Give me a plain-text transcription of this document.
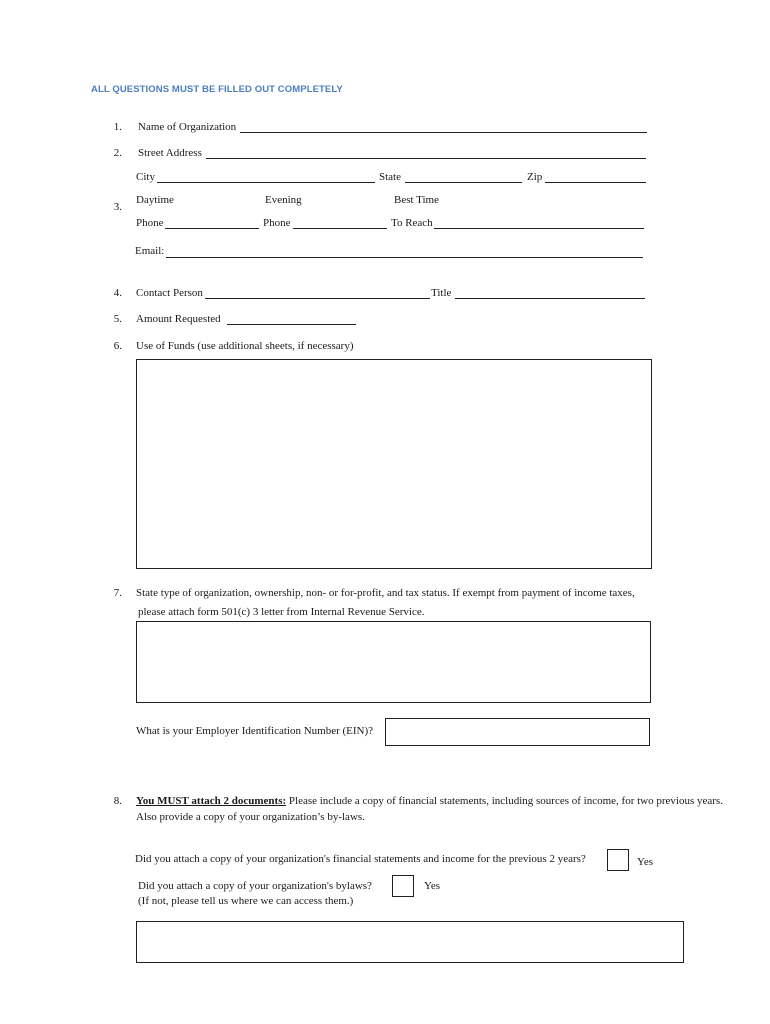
ALL QUESTIONS MUST BE FILLED OUT COMPLETELY
1. Name of Organization
2. Street Address
City	State	Zip
3.
Daytime	Evening	Best Time
Phone	Phone	To Reach
Email:
4. Contact Person	Title
5. Amount Requested
6. Use of Funds (use additional sheets, if necessary)
7. State type of organization, ownership, non- or for-profit, and tax status. If exempt from payment of income taxes,
please attach form 501(c) 3 letter from Internal Revenue Service.
What is your Employer Identification Number (EIN)?
8. You MUST attach 2 documents: Please include a copy of financial statements, including sources of income, for two previous years.
Also provide a copy of your organization’s by-laws.
Did you attach a copy of your organization's financial statements and income for the previous 2 years?	Yes
Did you attach a copy of your organization's bylaws?	Yes
(If not, please tell us where we can access them.)
